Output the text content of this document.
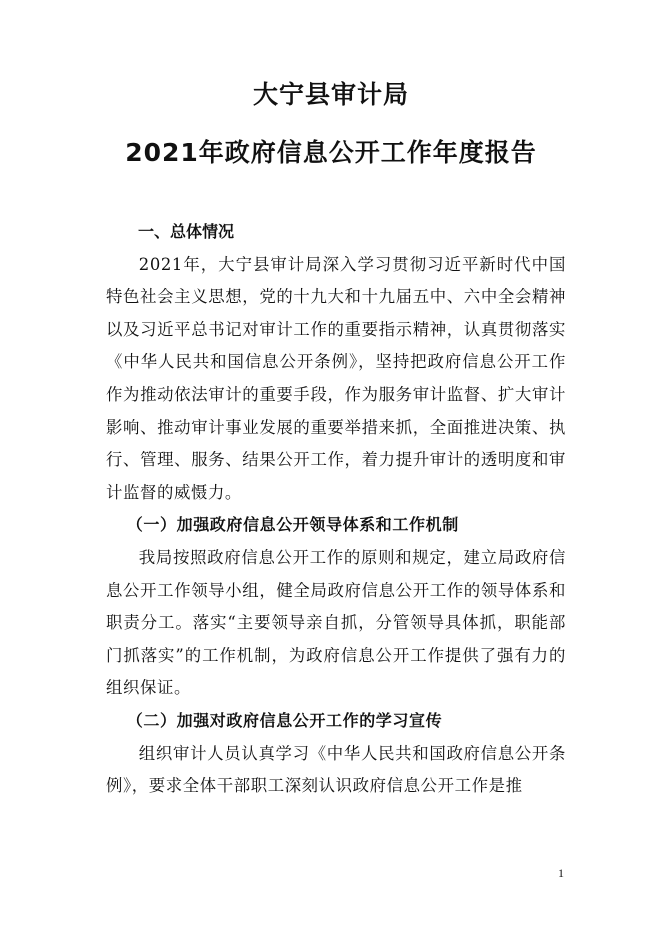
大宁县审计局
2021年政府信息公开工作年度报告

一、总体情况

2021年，大宁县审计局深入学习贯彻习近平新时代中国特色社会主义思想，党的十九大和十九届五中、六中全会精神以及习近平总书记对审计工作的重要指示精神，认真贯彻落实《中华人民共和国信息公开条例》，坚持把政府信息公开工作作为推动依法审计的重要手段，作为服务审计监督、扩大审计影响、推动审计事业发展的重要举措来抓，全面推进决策、执行、管理、服务、结果公开工作，着力提升审计的透明度和审计监督的威慑力。

（一）加强政府信息公开领导体系和工作机制

我局按照政府信息公开工作的原则和规定，建立局政府信息公开工作领导小组，健全局政府信息公开工作的领导体系和职责分工。落实“主要领导亲自抓，分管领导具体抓，职能部门抓落实”的工作机制，为政府信息公开工作提供了强有力的组织保证。

（二）加强对政府信息公开工作的学习宣传

组织审计人员认真学习《中华人民共和国政府信息公开条例》，要求全体干部职工深刻认识政府信息公开工作是推

1
